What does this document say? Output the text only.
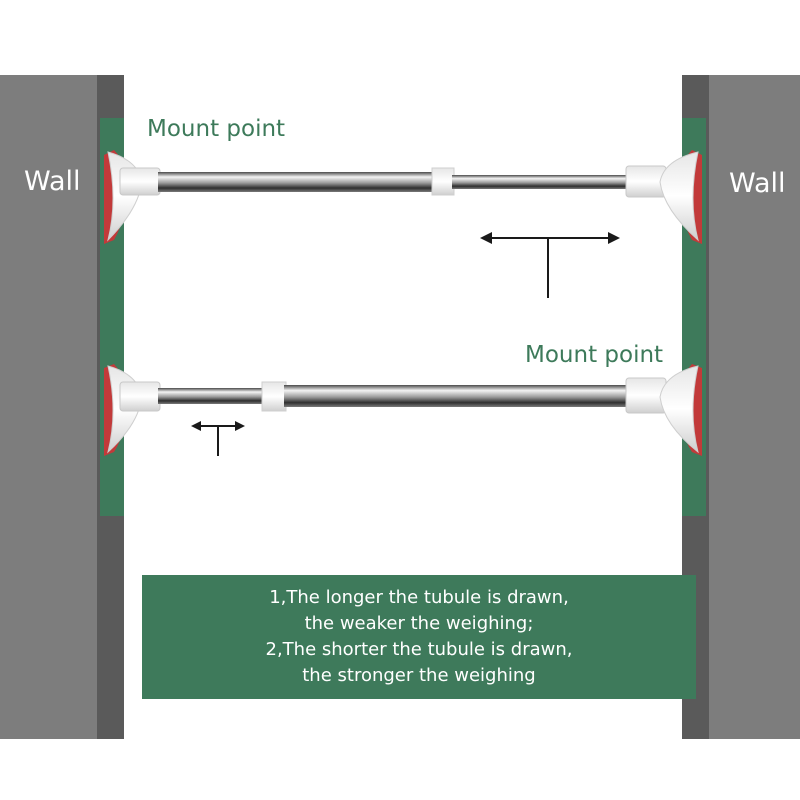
Wall	Wall
Mount point
Mount point
1,The longer the tubule is drawn,
the weaker the weighing;
2,The shorter the tubule is drawn,
the stronger the weighing
